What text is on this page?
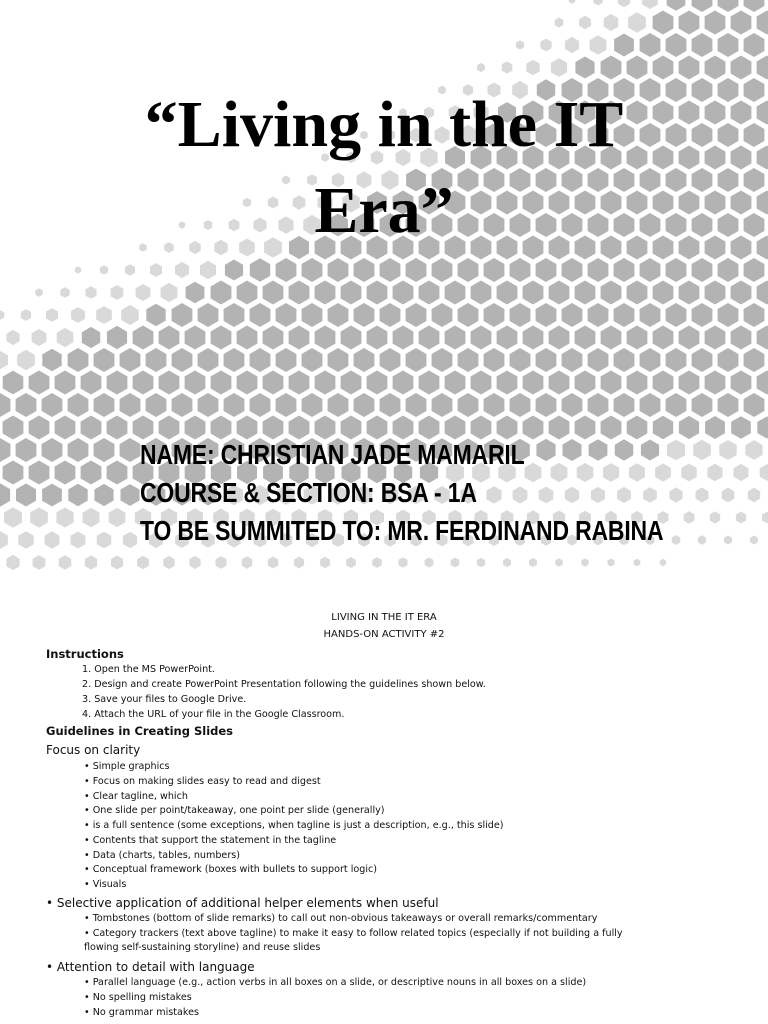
“Living in the IT
Era”
NAME: CHRISTIAN JADE MAMARIL
COURSE & SECTION: BSA - 1A
TO BE SUMMITED TO: MR. FERDINAND RABINA
LIVING IN THE IT ERA
HANDS-ON ACTIVITY #2
Instructions
1. Open the MS PowerPoint.
2. Design and create PowerPoint Presentation following the guidelines shown below.
3. Save your files to Google Drive.
4. Attach the URL of your file in the Google Classroom.
Guidelines in Creating Slides
Focus on clarity
• Simple graphics
• Focus on making slides easy to read and digest
• Clear tagline, which
• One slide per point/takeaway, one point per slide (generally)
• is a full sentence (some exceptions, when tagline is just a description, e.g., this slide)
• Contents that support the statement in the tagline
• Data (charts, tables, numbers)
• Conceptual framework (boxes with bullets to support logic)
• Visuals
• Selective application of additional helper elements when useful
• Tombstones (bottom of slide remarks) to call out non-obvious takeaways or overall remarks/commentary
• Category trackers (text above tagline) to make it easy to follow related topics (especially if not building a fully
flowing self-sustaining storyline) and reuse slides
• Attention to detail with language
• Parallel language (e.g., action verbs in all boxes on a slide, or descriptive nouns in all boxes on a slide)
• No spelling mistakes
• No grammar mistakes
